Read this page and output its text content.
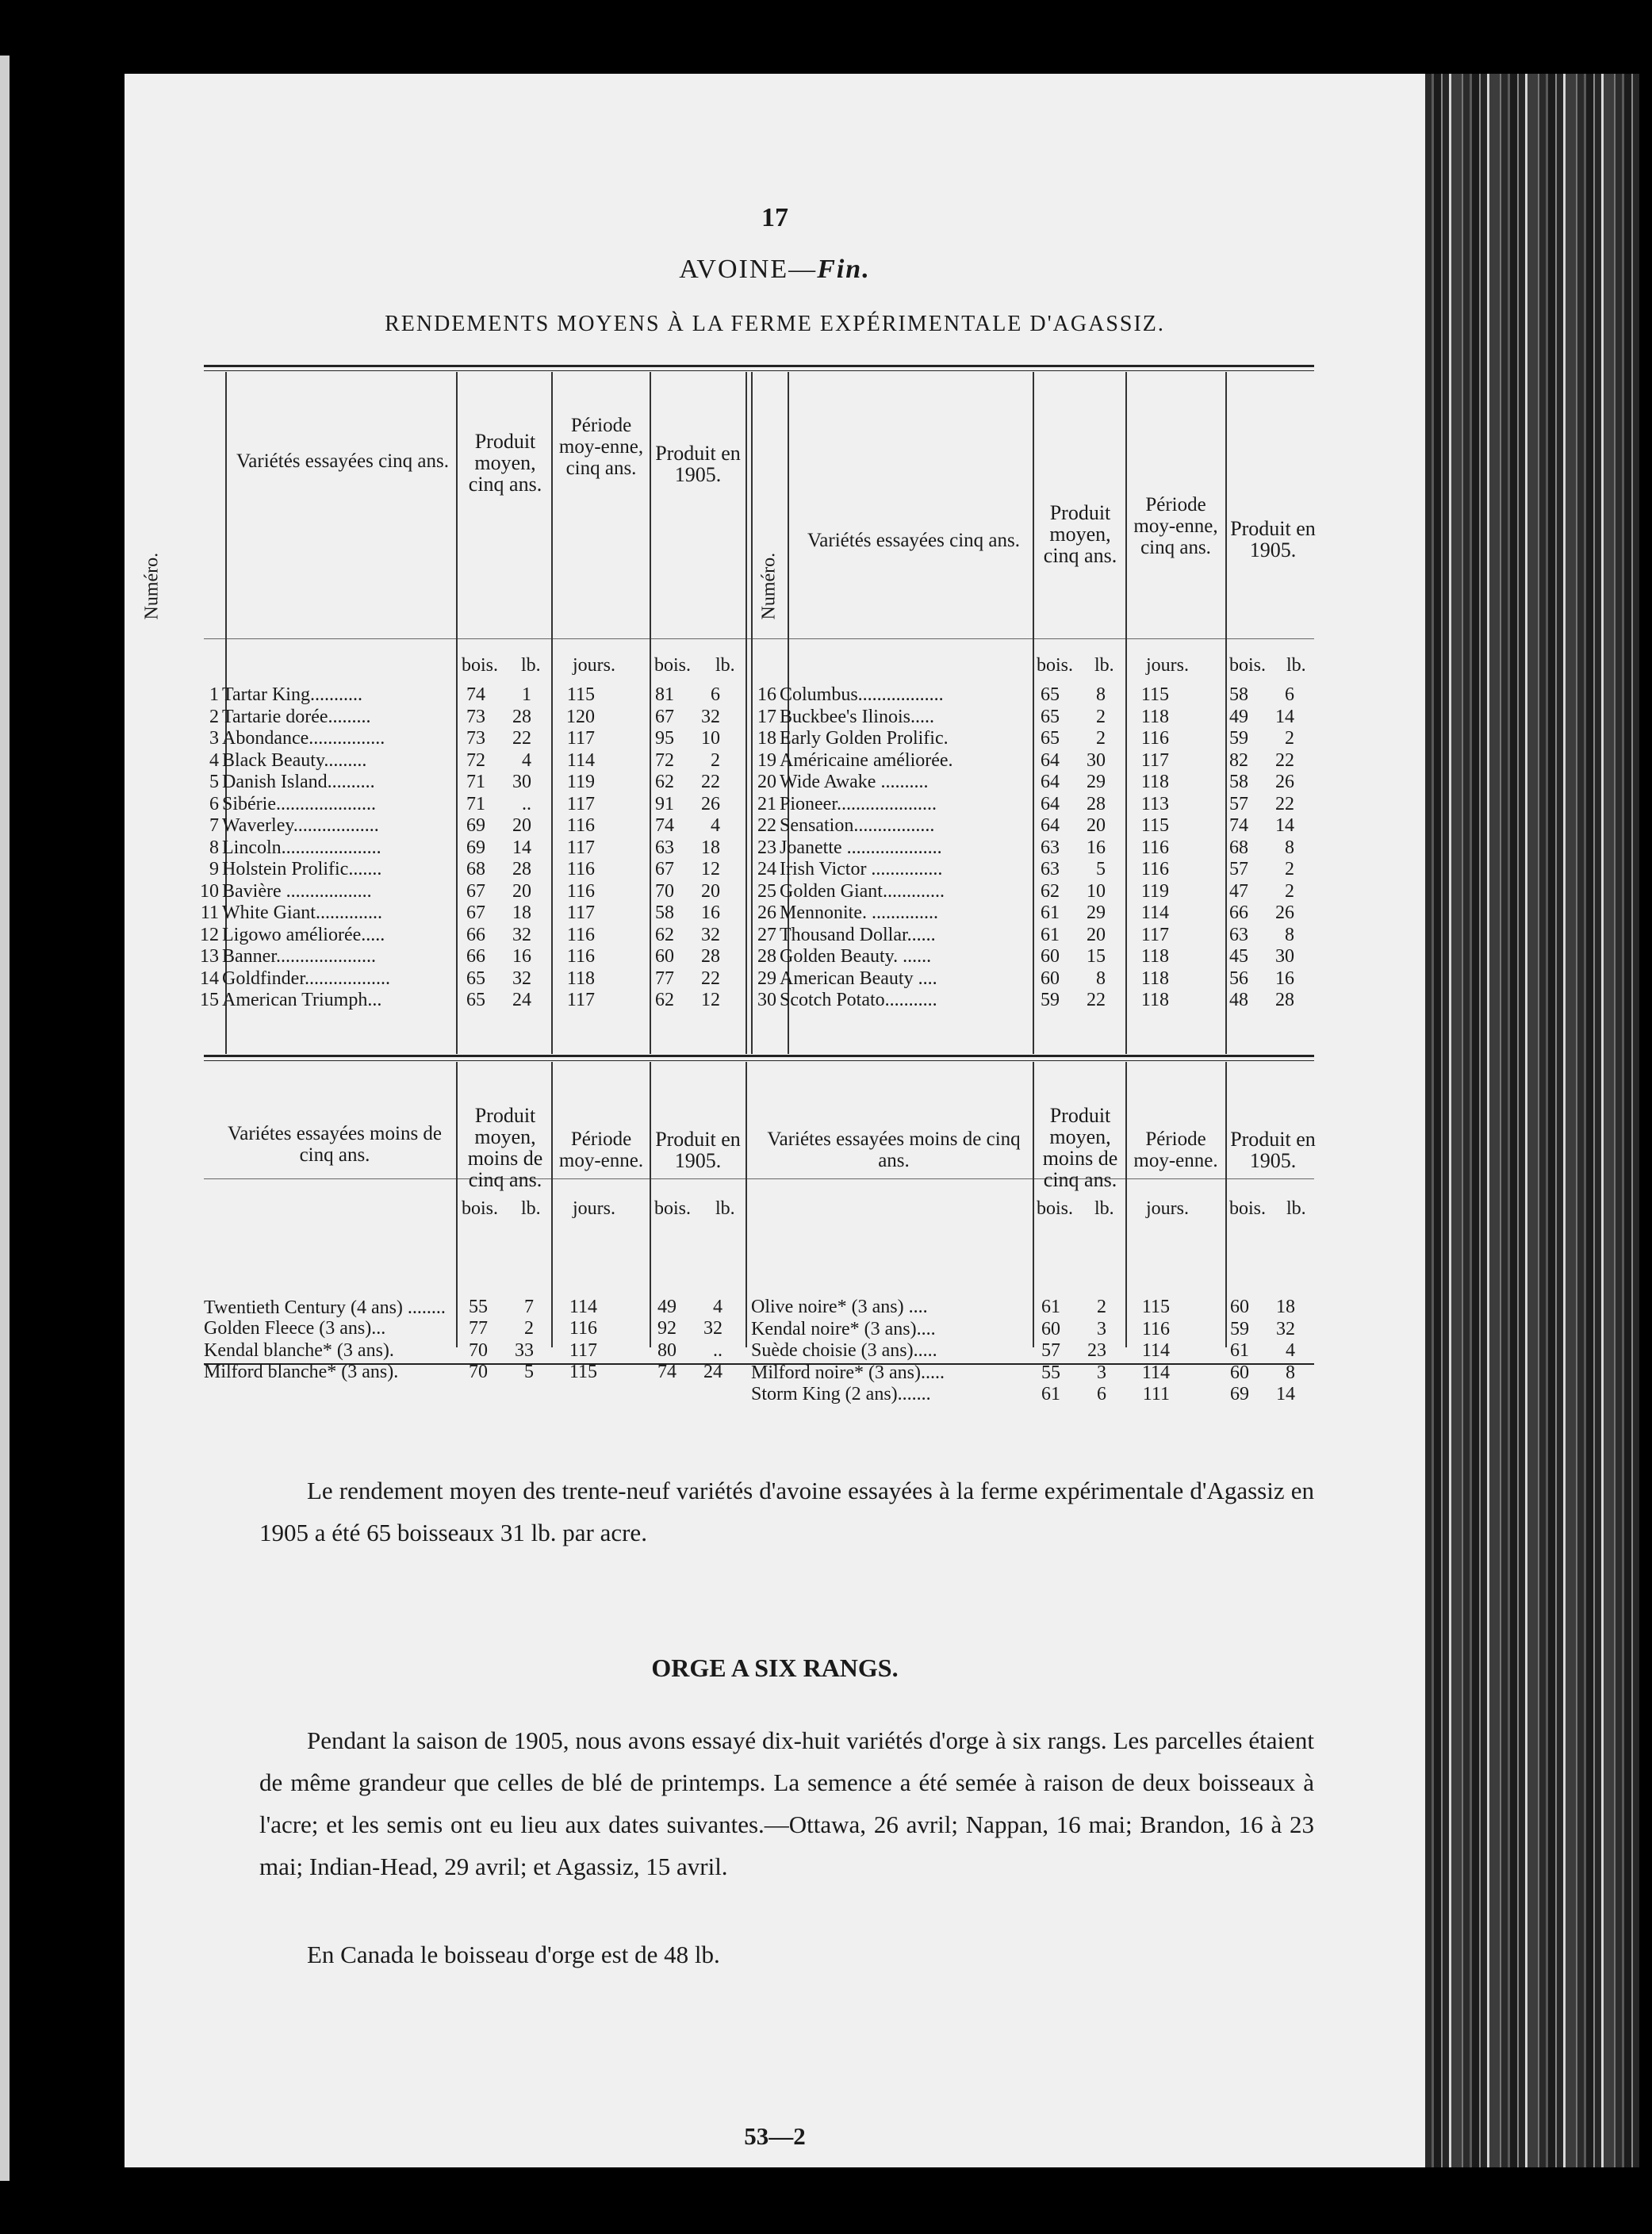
17
AVOINE—Fin.
RENDEMENTS MOYENS À LA FERME EXPÉRIMENTALE D'AGASSIZ.
Numéro.
Variétés essayées cinq ans.
Produit moyen, cinq ans.
Période moy-enne, cinq ans.
Produit en 1905.
Numéro.
Variétés essayées cinq ans.
Produit moyen, cinq ans.
Période moy-enne, cinq ans.
Produit en 1905.
bois. lb. jours. bois. lb.	bois. lb. jours. bois. lb.
1	Tartar King...........	74	1	115	81	6
2	Tartarie dorée.........	73	28	120	67	32
3	Abondance................	73	22	117	95	10
4	Black Beauty.........	72	4	114	72	2
5	Danish Island..........	71	30	119	62	22
6	Sibérie.....................	71	..	117	91	26
7	Waverley..................	69	20	116	74	4
8	Lincoln.....................	69	14	117	63	18
9	Holstein Prolific.......	68	28	116	67	12
10	Bavière ..................	67	20	116	70	20
11	White Giant..............	67	18	117	58	16
12	Ligowo améliorée.....	66	32	116	62	32
13	Banner.....................	66	16	116	60	28
14	Goldfinder..................	65	32	118	77	22
15	American Triumph...	65	24	117	62	12
16	Columbus..................	65	8	115	58	6
17	Buckbee's Ilinois.....	65	2	118	49	14
18	Early Golden Prolific.	65	2	116	59	2
19	Américaine améliorée.	64	30	117	82	22
20	Wide Awake ..........	64	29	118	58	26
21	Pioneer.....................	64	28	113	57	22
22	Sensation.................	64	20	115	74	14
23	Joanette ....................	63	16	116	68	8
24	Irish Victor ...............	63	5	116	57	2
25	Golden Giant.............	62	10	119	47	2
26	Mennonite. ..............	61	29	114	66	26
27	Thousand Dollar......	61	20	117	63	8
28	Golden Beauty. ......	60	15	118	45	30
29	American Beauty ....	60	8	118	56	16
30	Scotch Potato...........	59	22	118	48	28
Variétes essayées moins de cinq ans.
Produit moyen, moins de cinq ans.
Période moy-enne.
Produit en 1905.
Variétes essayées moins de cinq ans.
Produit moyen, moins de cinq ans.
Période moy-enne.
Produit en 1905.
bois. lb. jours. bois. lb.	bois. lb. jours. bois. lb.
Twentieth Century (4 ans) ........	55	7	114	49	4
Golden Fleece (3 ans)...	77	2	116	92	32
Kendal blanche* (3 ans).	70	33	117	80	..
Milford blanche* (3 ans).	70	5	115	74	24
Olive noire* (3 ans) ....	61	2	115	60	18
Kendal noire* (3 ans)....	60	3	116	59	32
Suède choisie (3 ans).....	57	23	114	61	4
Milford noire* (3 ans).....	55	3	114	60	8
Storm King (2 ans).......	61	6	111	69	14
Le rendement moyen des trente-neuf variétés d'avoine essayées à la ferme expérimentale d'Agassiz en 1905 a été 65 boisseaux 31 lb. par acre.
ORGE A SIX RANGS.
Pendant la saison de 1905, nous avons essayé dix-huit variétés d'orge à six rangs. Les parcelles étaient de même grandeur que celles de blé de printemps. La semence a été semée à raison de deux boisseaux à l'acre; et les semis ont eu lieu aux dates suivantes.—Ottawa, 26 avril; Nappan, 16 mai; Brandon, 16 à 23 mai; Indian-Head, 29 avril; et Agassiz, 15 avril.
En Canada le boisseau d'orge est de 48 lb.
53—2
